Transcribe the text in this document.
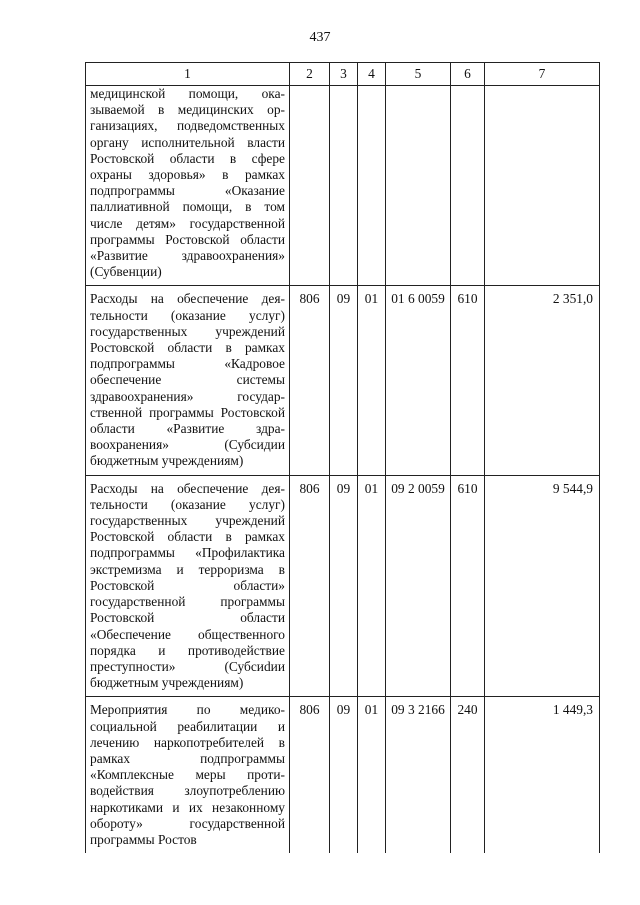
437
1	2	3	4	5	6	7
медицинской помощи, оказываемой в медицинских организациях, подведомственных органу исполнительной власти Ростовской области в сфере охраны здоровья» в рамках подпрограммы «Оказание паллиативной помощи, в том числе детям» государственной программы Ростовской области «Развитие здравоохранения» (Субвенции)						
Расходы на обеспечение деятельности (оказание услуг) государственных учреждений Ростовской области в рамках подпрограммы «Кадровое обеспечение системы здравоохранения» государственной программы Ростовской области «Развитие здравоохранения» (Субсидии бюджетным учреждениям)	806	09	01	01 6 0059	610	2 351,0
Расходы на обеспечение деятельности (оказание услуг) государственных учреждений Ростовской области в рамках подпрограммы «Профилактика экстремизма и терроризма в Ростовской области» государственной программы Ростовской области «Обеспечение общественного порядка и противодействие преступности» (Субсиdии бюджетным учреждениям)	806	09	01	09 2 0059	610	9 544,9
Мероприятия по медико-социальной реабилитации и лечению наркопотребителей в рамках подпрограммы «Комплексные меры противодействия злоупотреблению наркотиками и их незаконному обороту» государственной программы Ростов	806	09	01	09 3 2166	240	1 449,3
